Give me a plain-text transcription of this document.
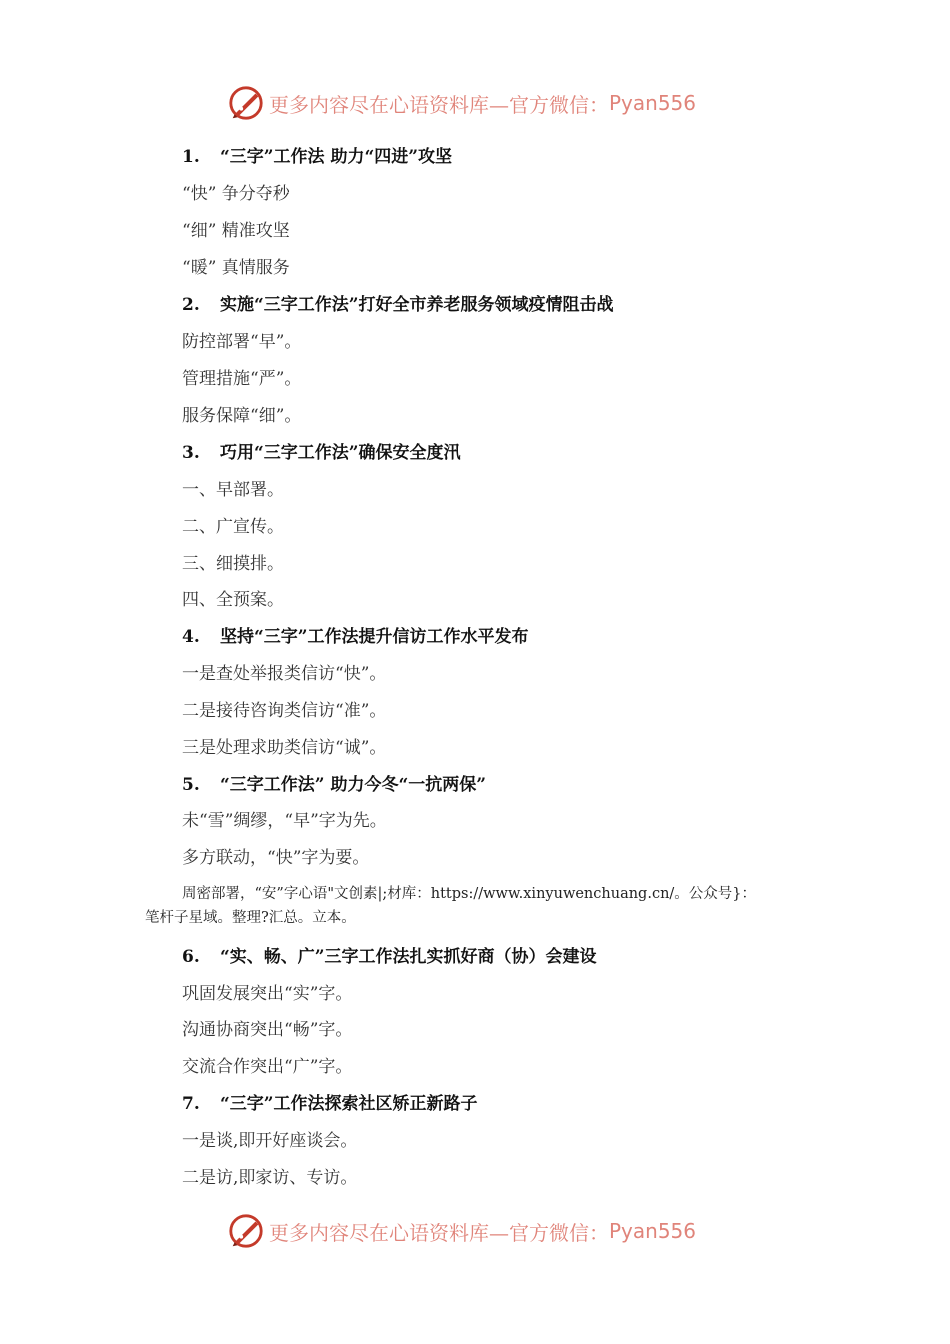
更多内容尽在心语资料库—官方微信： Pyan556
1. “三字”工作法 助力“四进”攻坚
“快” 争分夺秒
“细” 精准攻坚
“暖” 真情服务
2. 实施“三字工作法”打好全市养老服务领域疫情阻击战
防控部署“早”。
管理措施“严”。
服务保障“细”。
3. 巧用“三字工作法”确保安全度汛
一、早部署。
二、广宣传。
三、细摸排。
四、全预案。
4. 坚持“三字”工作法提升信访工作水平发布
一是查处举报类信访“快”。
二是接待咨询类信访“准”。
三是处理求助类信访“诚”。
5. “三字工作法” 助力今冬“一抗两保”
未“雪”绸缪，“早”字为先。
多方联动，“快”字为要。
周密部署，“安”字心语"文创素|;材库：https://www.xinyuwenchuang.cn/。公众号}：
笔杆子星域。整理?汇总。立本。
6. “实、畅、广”三字工作法扎实抓好商（协）会建设
巩固发展突出“实”字。
沟通协商突出“畅”字。
交流合作突出“广”字。
7. “三字”工作法探索社区矫正新路子
一是谈,即开好座谈会。
二是访,即家访、专访。
更多内容尽在心语资料库—官方微信： Pyan556
